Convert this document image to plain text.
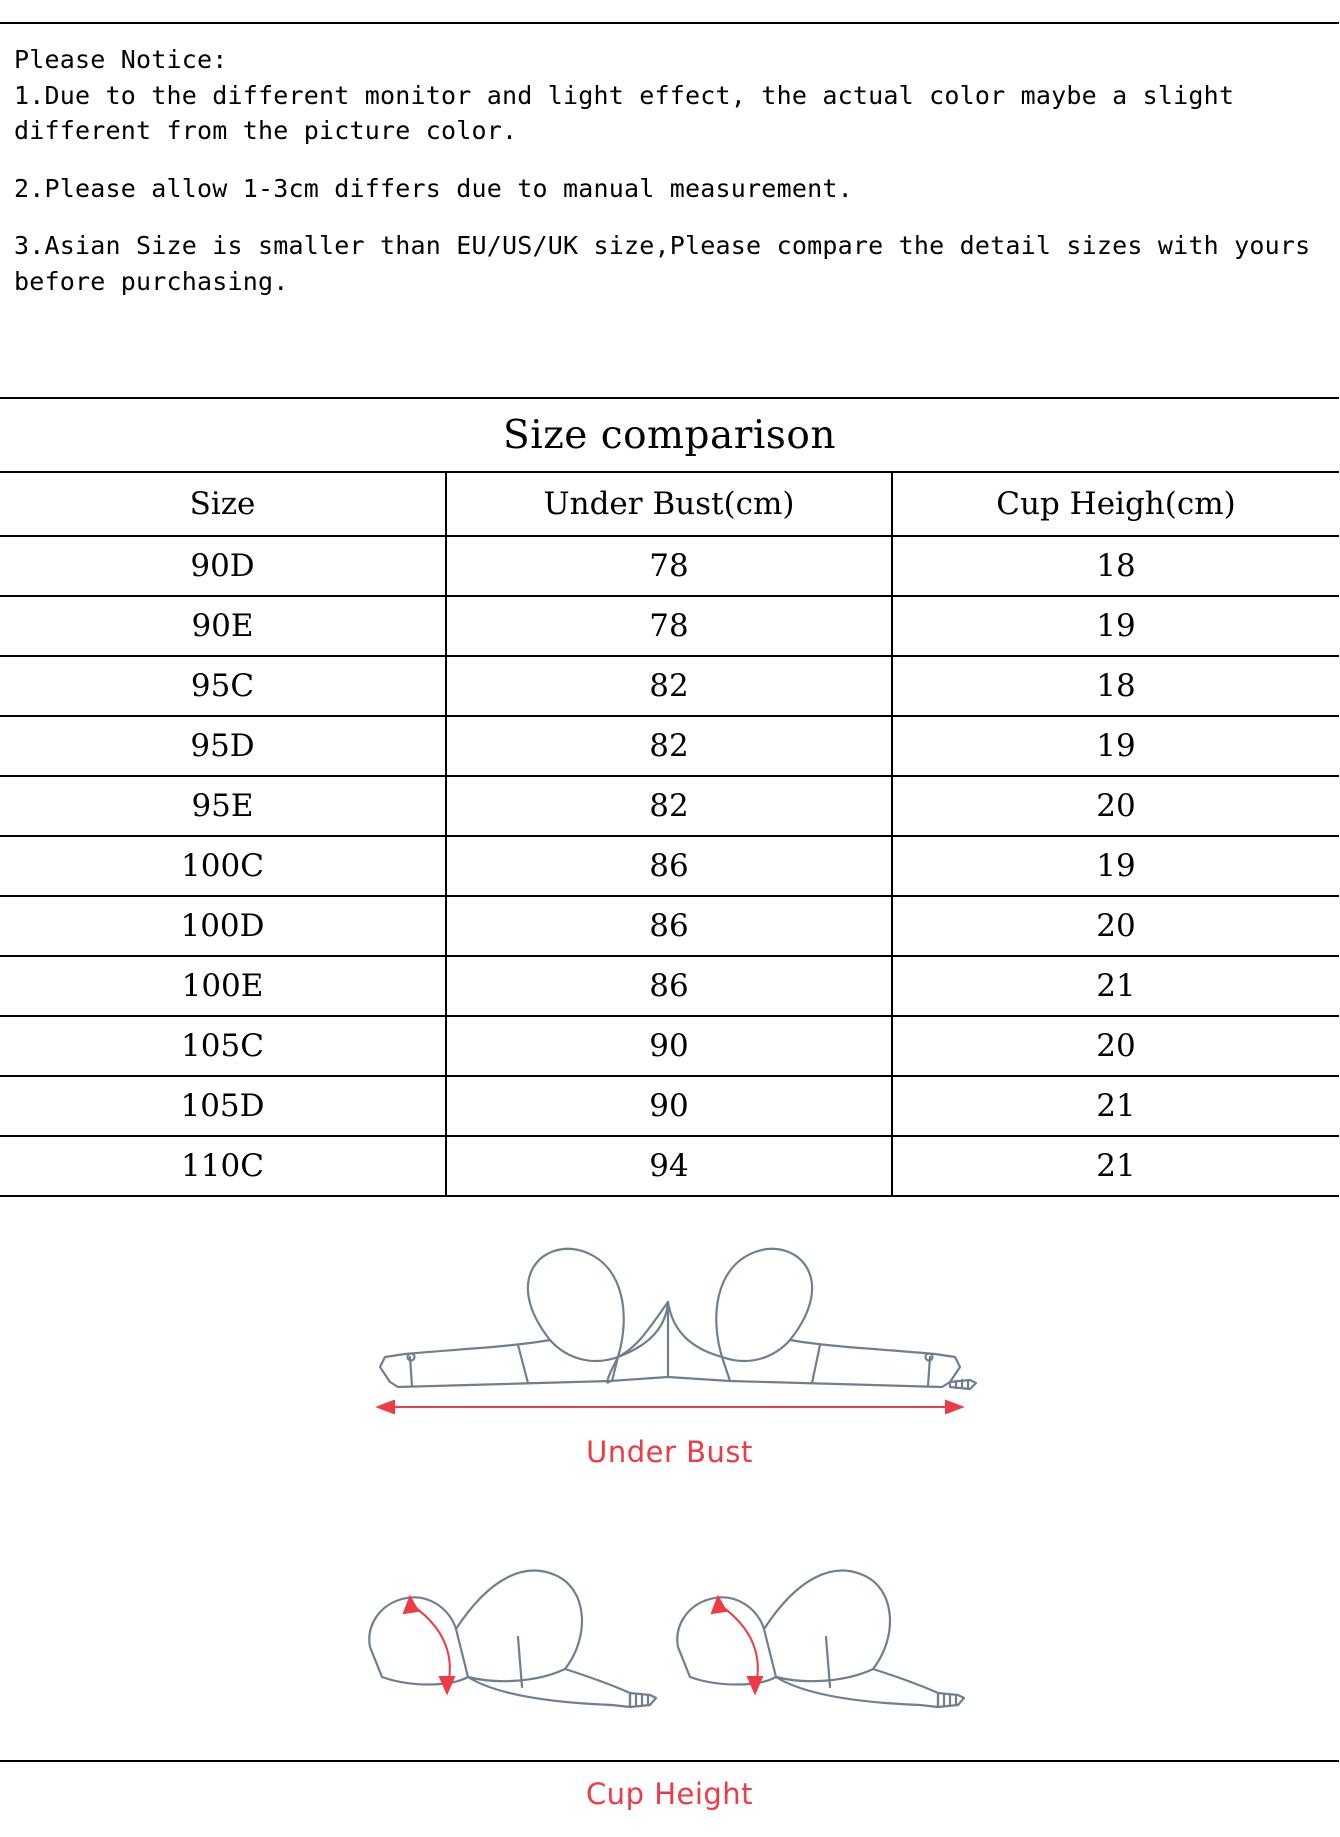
Please Notice:
1.Due to the different monitor and light effect, the actual color maybe a slight different from the picture color.

2.Please allow 1-3cm differs due to manual measurement.

3.Asian Size is smaller than EU/US/UK size,Please compare the detail sizes with yours before purchasing.

Size comparison
Size	Under Bust(cm)	Cup Heigh(cm)
90D	78	18
90E	78	19
95C	82	18
95D	82	19
95E	82	20
100C	86	19
100D	86	20
100E	86	21
105C	90	20
105D	90	21
110C	94	21
Under Bust
Cup Height
